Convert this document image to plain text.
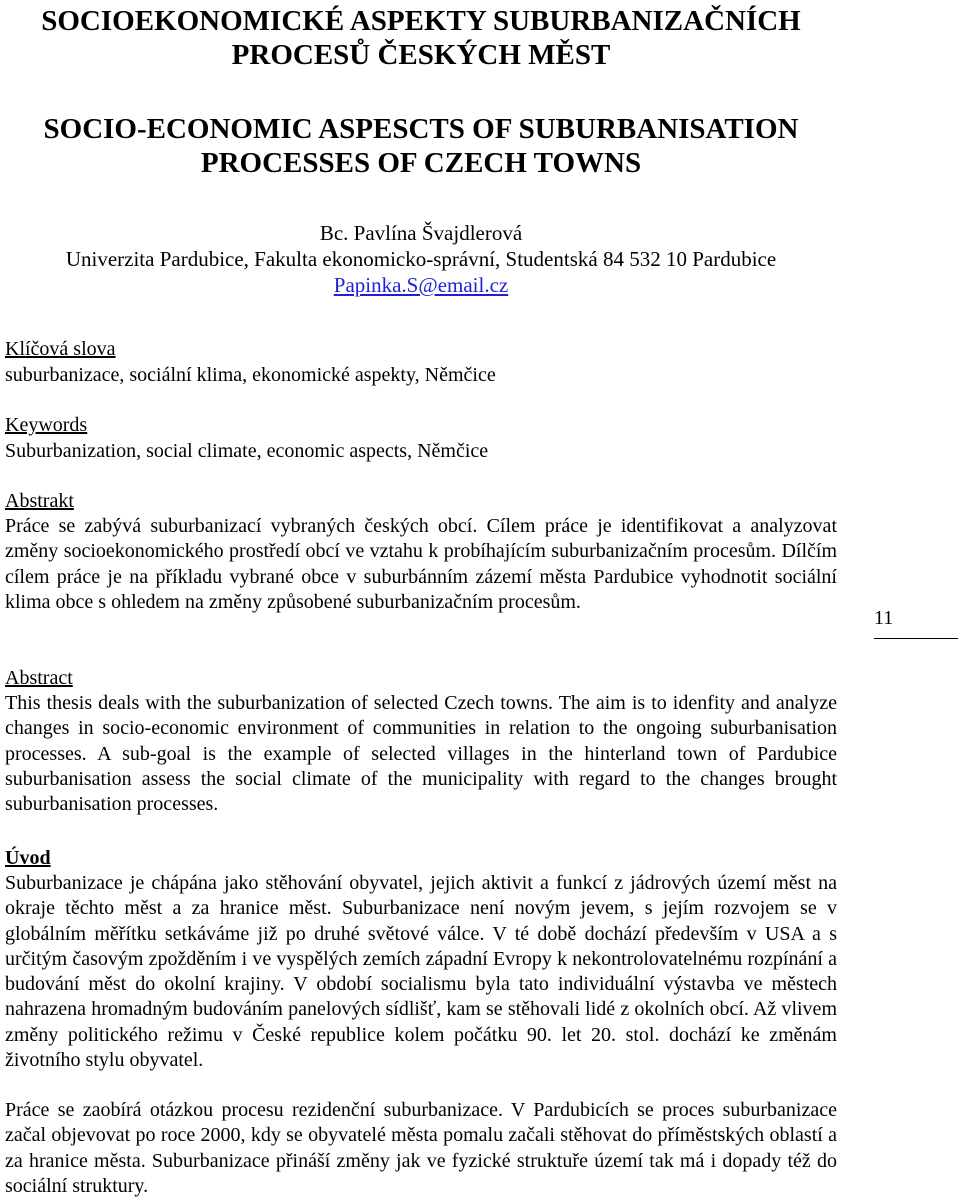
SOCIOEKONOMICKÉ ASPEKTY SUBURBANIZAČNÍCH
PROCESŮ ČESKÝCH MĚST
SOCIO-ECONOMIC ASPESCTS OF SUBURBANISATION
PROCESSES OF CZECH TOWNS
Bc. Pavlína Švajdlerová
Univerzita Pardubice, Fakulta ekonomicko-správní, Studentská 84 532 10 Pardubice
Papinka.S@email.cz
Klíčová slova

suburbanizace, sociální klima, ekonomické aspekty, Němčice

Keywords

Suburbanization, social climate, economic aspects, Němčice

Abstrakt

Práce se zabývá suburbanizací vybraných českých obcí. Cílem práce je identifikovat a analyzovat změny socioekonomického prostředí obcí ve vztahu k probíhajícím suburbanizačním procesům. Dílčím cílem práce je na příkladu vybrané obce v suburbánním zázemí města Pardubice vyhodnotit sociální klima obce s ohledem na změny způsobené suburbanizačním procesům.

Abstract

This thesis deals with the suburbanization of selected Czech towns. The aim is to idenfity and analyze changes in socio-economic environment of communities in relation to the ongoing suburbanisation processes. A sub-goal is the example of selected villages in the hinterland town of Pardubice suburbanisation assess the social climate of the municipality with regard to the changes brought suburbanisation processes.

Úvod

Suburbanizace je chápána jako stěhování obyvatel, jejich aktivit a funkcí z jádrových území měst na okraje těchto měst a za hranice měst. Suburbanizace není novým jevem, s jejím rozvojem se v globálním měřítku setkáváme již po druhé světové válce. V té době dochází především v USA a s určitým časovým zpožděním i ve vyspělých zemích západní Evropy k nekontrolovatelnému rozpínání a budování měst do okolní krajiny. V období socialismu byla tato individuální výstavba ve městech nahrazena hromadným budováním panelových sídlišť, kam se stěhovali lidé z okolních obcí. Až vlivem změny politického režimu v České republice kolem počátku 90. let 20. stol. dochází ke změnám životního stylu obyvatel.

Práce se zaobírá otázkou procesu rezidenční suburbanizace. V Pardubicích se proces suburbanizace začal objevovat po roce 2000, kdy se obyvatelé města pomalu začali stěhovat do příměstských oblastí a za hranice města. Suburbanizace přináší změny jak ve fyzické struktuře území tak má i dopady též do sociální struktury.

11
